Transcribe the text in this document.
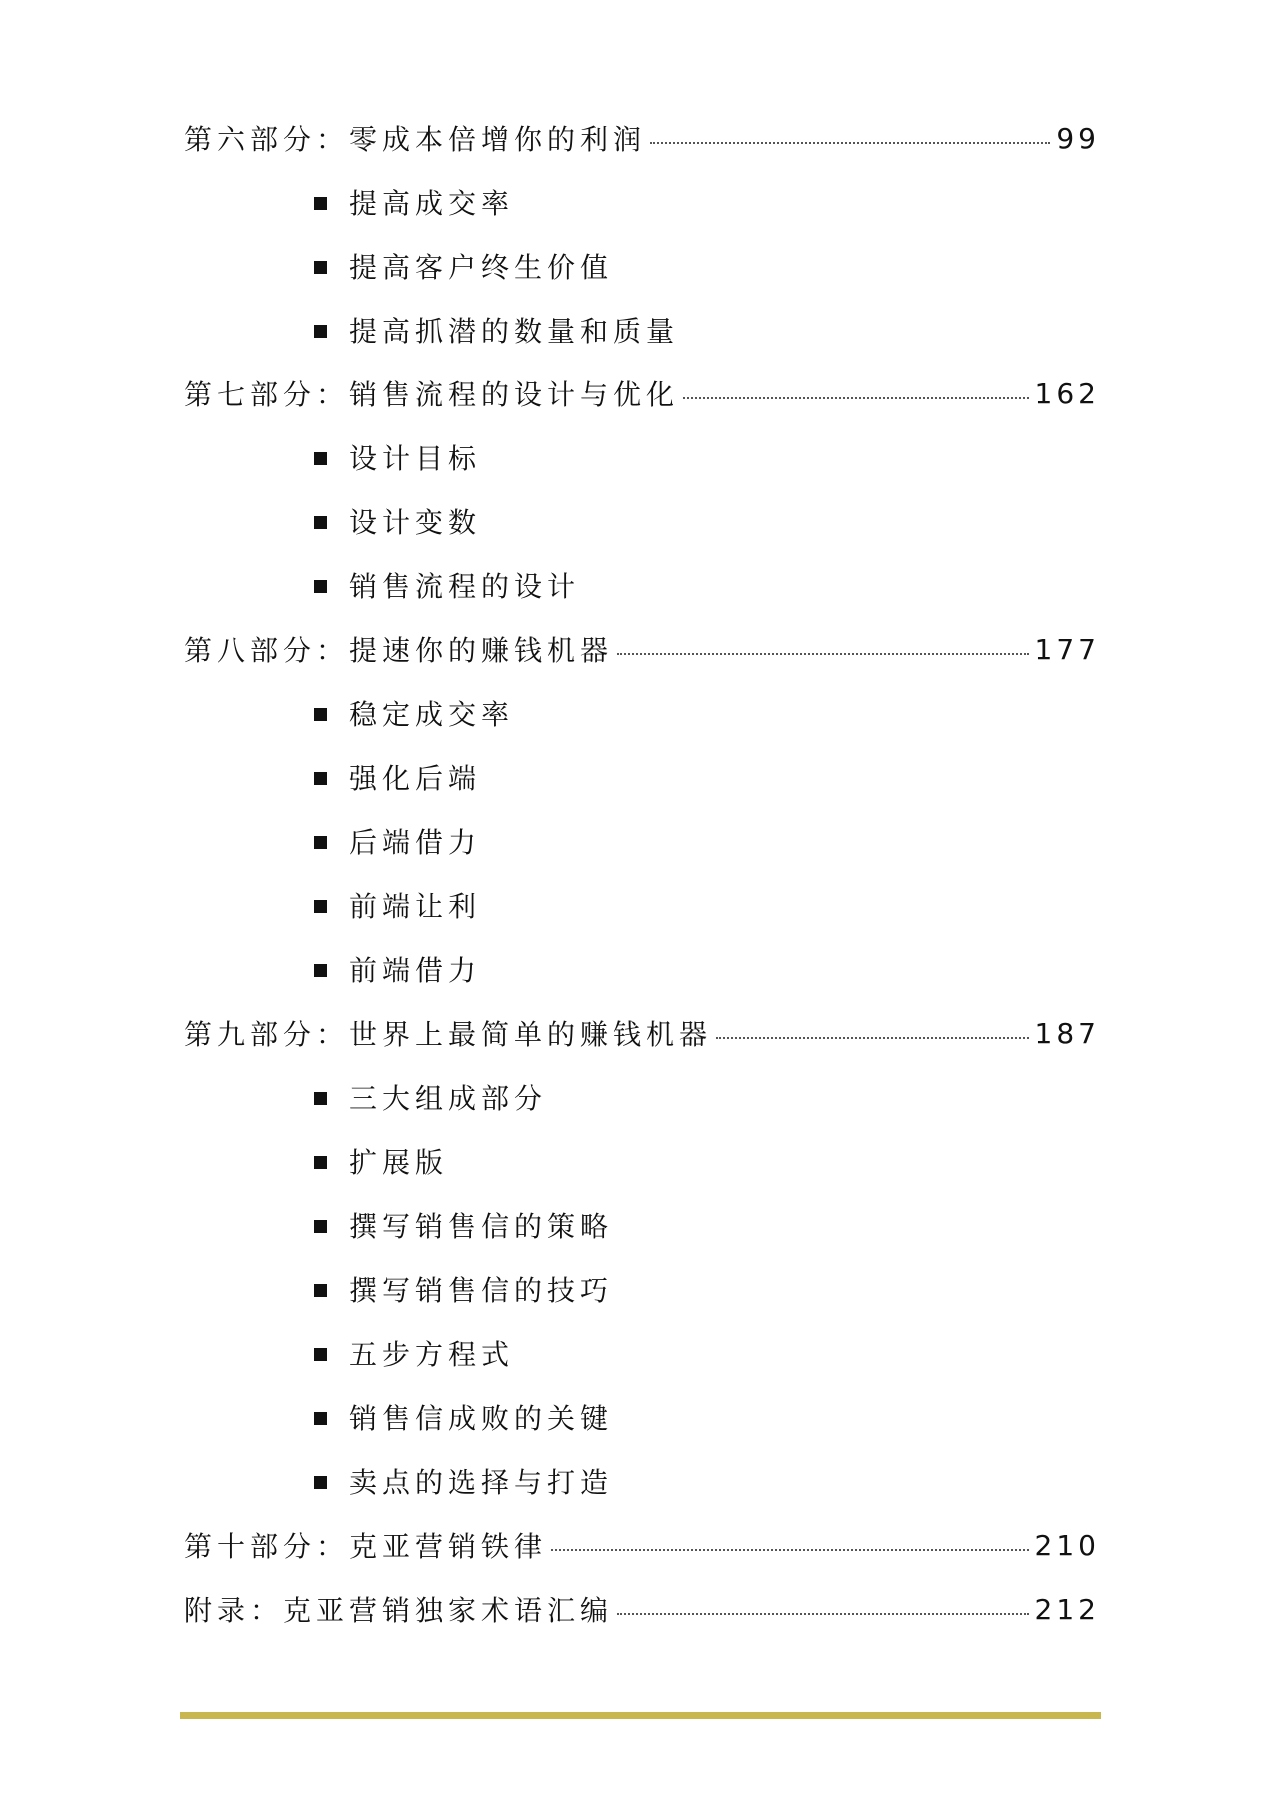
第六部分：零成本倍增你的利润	99
提高成交率
提高客户终生价值
提高抓潜的数量和质量
第七部分：销售流程的设计与优化	162
设计目标
设计变数
销售流程的设计
第八部分：提速你的赚钱机器	177
稳定成交率
强化后端
后端借力
前端让利
前端借力
第九部分：世界上最简单的赚钱机器	187
三大组成部分
扩展版
撰写销售信的策略
撰写销售信的技巧
五步方程式
销售信成败的关键
卖点的选择与打造
第十部分：克亚营销铁律	210
附录：克亚营销独家术语汇编	212
